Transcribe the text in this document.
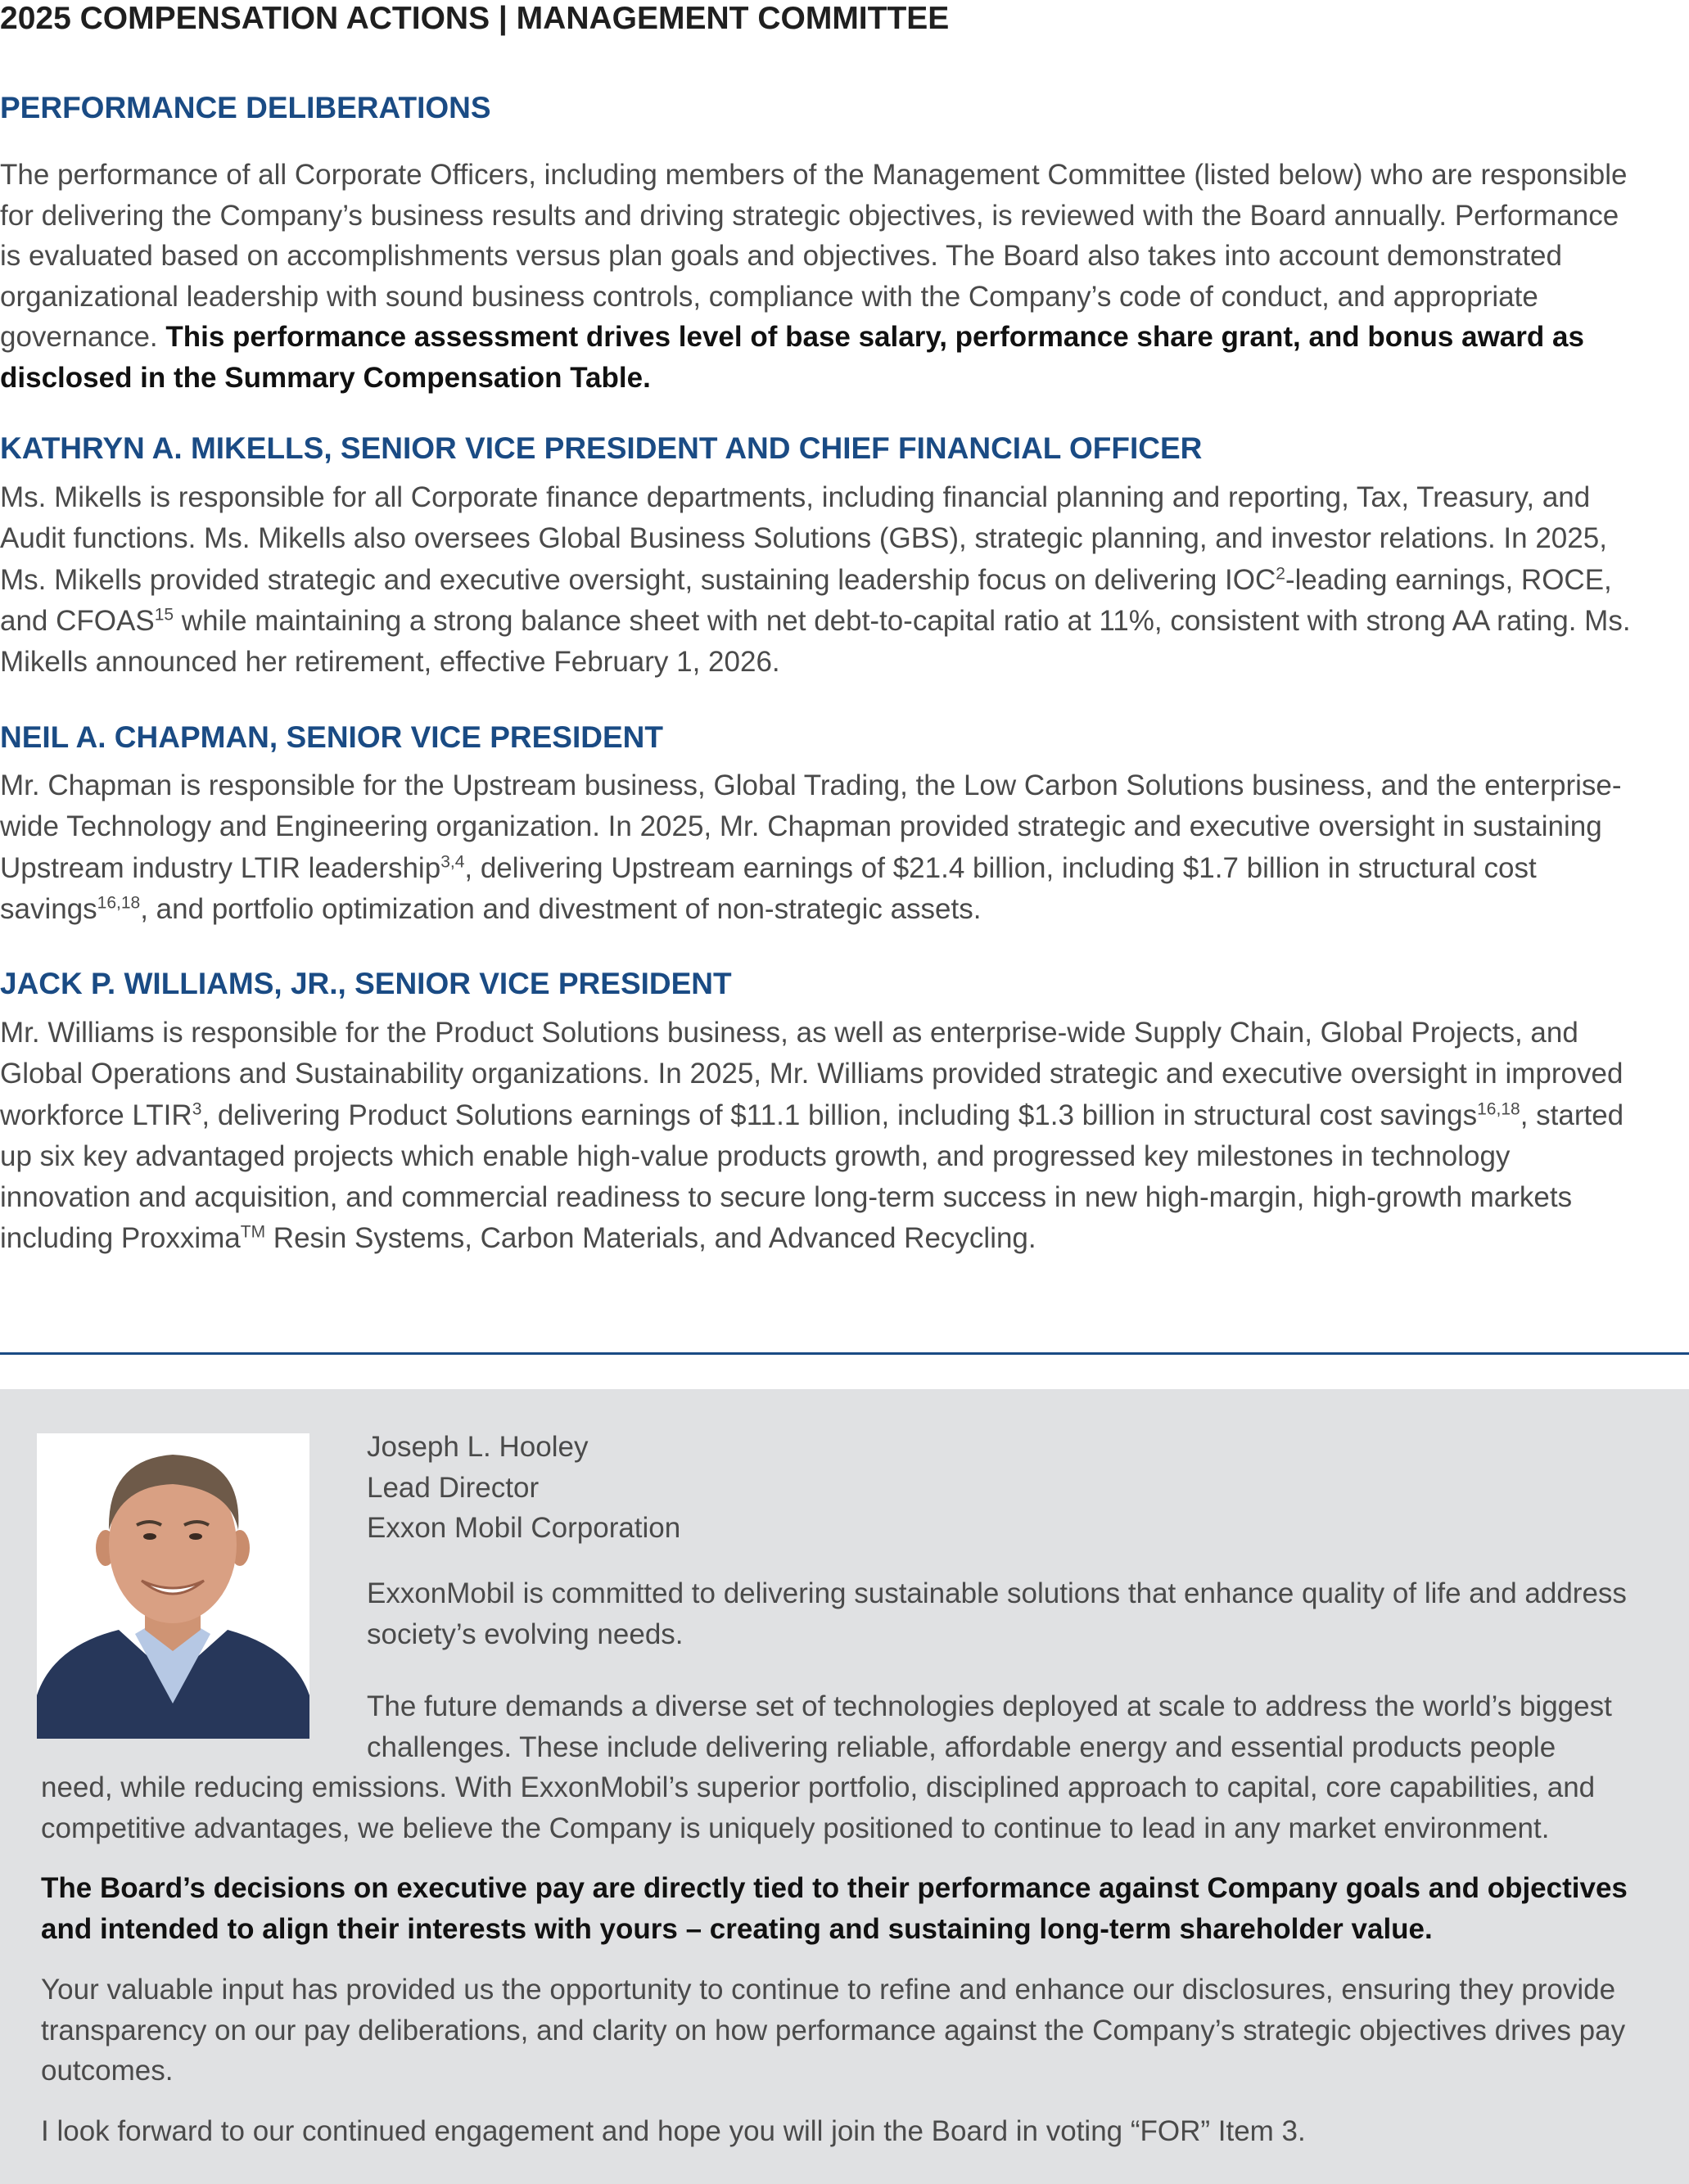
2025 COMPENSATION ACTIONS | MANAGEMENT COMMITTEE
PERFORMANCE DELIBERATIONS
The performance of all Corporate Officers, including members of the Management Committee (listed below) who are responsible for delivering the Company’s business results and driving strategic objectives, is reviewed with the Board annually. Performance is evaluated based on accomplishments versus plan goals and objectives. The Board also takes into account demonstrated organizational leadership with sound business controls, compliance with the Company’s code of conduct, and appropriate governance. This performance assessment drives level of base salary, performance share grant, and bonus award as disclosed in the Summary Compensation Table.
KATHRYN A. MIKELLS, SENIOR VICE PRESIDENT AND CHIEF FINANCIAL OFFICER
Ms. Mikells is responsible for all Corporate finance departments, including financial planning and reporting, Tax, Treasury, and Audit functions. Ms. Mikells also oversees Global Business Solutions (GBS), strategic planning, and investor relations. In 2025, Ms. Mikells provided strategic and executive oversight, sustaining leadership focus on delivering IOC$^2$-leading earnings, ROCE, and CFOAS$^{15}$ while maintaining a strong balance sheet with net debt-to-capital ratio at 11%, consistent with strong AA rating. Ms. Mikells announced her retirement, effective February 1, 2026.
NEIL A. CHAPMAN, SENIOR VICE PRESIDENT
Mr. Chapman is responsible for the Upstream business, Global Trading, the Low Carbon Solutions business, and the enterprise-wide Technology and Engineering organization. In 2025, Mr. Chapman provided strategic and executive oversight in sustaining Upstream industry LTIR leadership$^{3,4}$, delivering Upstream earnings of $21.4 billion, including $1.7 billion in structural cost savings$^{16,18}$, and portfolio optimization and divestment of non-strategic assets.
JACK P. WILLIAMS, JR., SENIOR VICE PRESIDENT
Mr. Williams is responsible for the Product Solutions business, as well as enterprise-wide Supply Chain, Global Projects, and Global Operations and Sustainability organizations. In 2025, Mr. Williams provided strategic and executive oversight in improved workforce LTIR$^3$, delivering Product Solutions earnings of $11.1 billion, including $1.3 billion in structural cost savings$^{16,18}$, started up six key advantaged projects which enable high-value products growth, and progressed key milestones in technology innovation and acquisition, and commercial readiness to secure long-term success in new high-margin, high-growth markets including Proxxima™ Resin Systems, Carbon Materials, and Advanced Recycling.
Joseph L. Hooley
Lead Director
Exxon Mobil Corporation
ExxonMobil is committed to delivering sustainable solutions that enhance quality of life and address society’s evolving needs.
The future demands a diverse set of technologies deployed at scale to address the world’s biggest challenges. These include delivering reliable, affordable energy and essential products people
need, while reducing emissions. With ExxonMobil’s superior portfolio, disciplined approach to capital, core capabilities, and competitive advantages, we believe the Company is uniquely positioned to continue to lead in any market environment.
The Board’s decisions on executive pay are directly tied to their performance against Company goals and objectives and intended to align their interests with yours – creating and sustaining long-term shareholder value.
Your valuable input has provided us the opportunity to continue to refine and enhance our disclosures, ensuring they provide transparency on our pay deliberations, and clarity on how performance against the Company’s strategic objectives drives pay outcomes.
I look forward to our continued engagement and hope you will join the Board in voting “FOR” Item 3.
